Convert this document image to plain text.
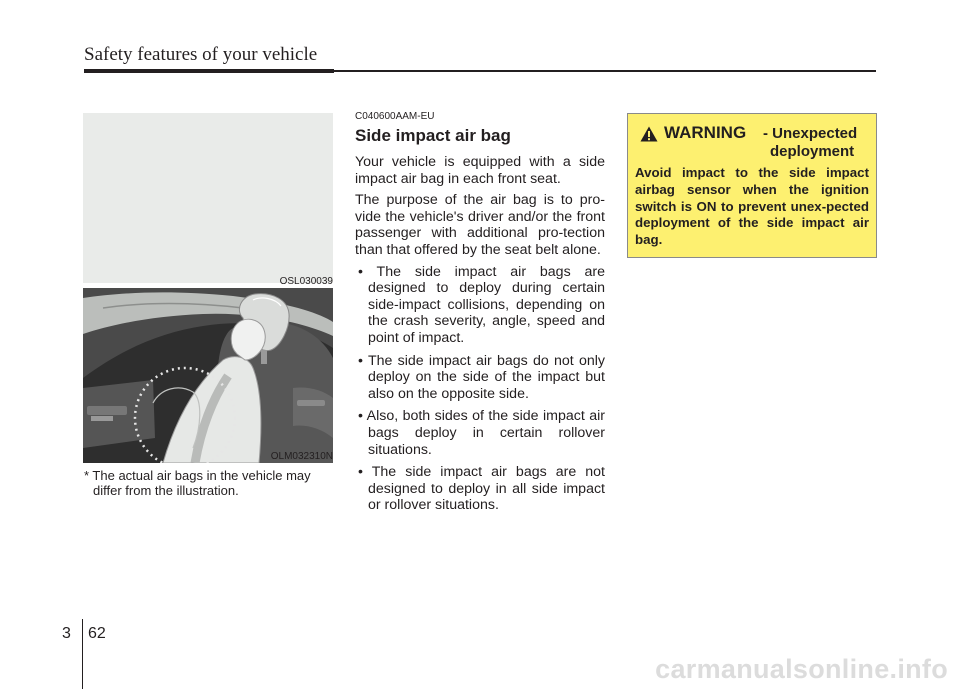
Safety features of your vehicle
OSL030039
OLM032310N
* The actual air bags in the vehicle may
differ from the illustration.
C040600AAM-EU
Side impact air bag

Your vehicle is equipped with a side impact air bag in each front seat.

The purpose of the air bag is to pro-vide the vehicle's driver and/or the front passenger with additional pro-tection than that offered by the seat belt alone.

• The side impact air bags are designed to deploy during certain side-impact collisions, depending on the crash severity, angle, speed and point of impact.
• The side impact air bags do not only deploy on the side of the impact but also on the opposite side.
• Also, both sides of the side impact air bags deploy in certain rollover situations.
• The side impact air bags are not designed to deploy in all side impact or rollover situations.
WARNING - Unexpected
deployment
Avoid impact to the side impact airbag sensor when the ignition switch is ON to prevent unex-pected deployment of the side impact air bag.
3 62
carmanualsonline.info
